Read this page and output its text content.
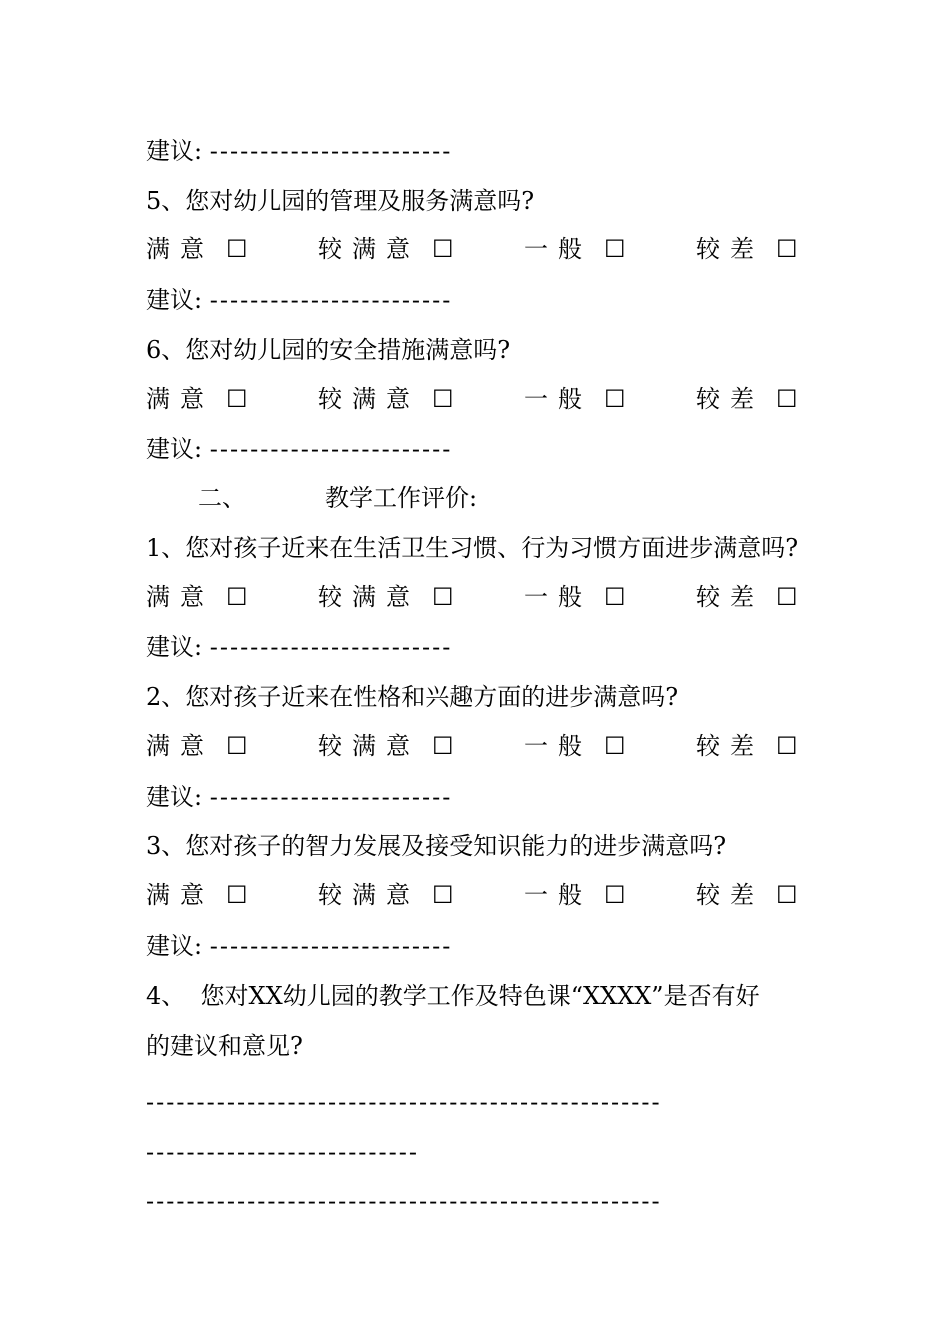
建议: ------------------------
5、您对幼儿园的管理及服务满意吗?
满意 ☐	较满意 ☐	一般 ☐	较差 ☐
建议: ------------------------
6、您对幼儿园的安全措施满意吗?
满意 ☐	较满意 ☐	一般 ☐	较差 ☐
建议: ------------------------
二、	教学工作评价:
1、您对孩子近来在生活卫生习惯、行为习惯方面进步满意吗?
满意 ☐	较满意 ☐	一般 ☐	较差 ☐
建议: ------------------------
2、您对孩子近来在性格和兴趣方面的进步满意吗?
满意 ☐	较满意 ☐	一般 ☐	较差 ☐
建议: ------------------------
3、您对孩子的智力发展及接受知识能力的进步满意吗?
满意 ☐	较满意 ☐	一般 ☐	较差 ☐
建议: ------------------------
4、  您对XX幼儿园的教学工作及特色课“XXXX”是否有好
的建议和意见?
---------------------------------------------------
---------------------------
---------------------------------------------------
